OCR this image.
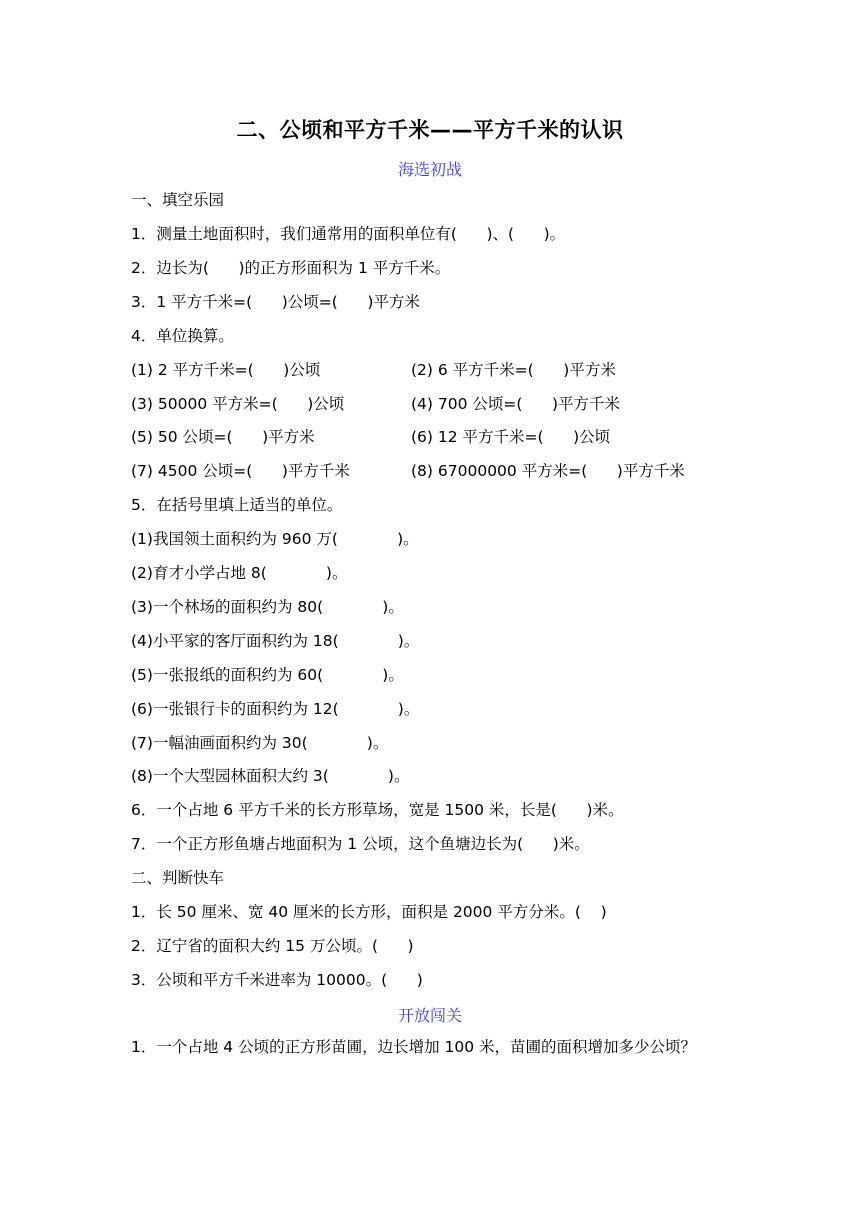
二、公顷和平方千米——平方千米的认识
海选初战
一、填空乐园
1．测量土地面积时，我们通常用的面积单位有(      )、(      )。
2．边长为(      )的正方形面积为 1 平方千米。
3．1 平方千米=(      )公顷=(      )平方米
4．单位换算。
(1) 2 平方千米=(      )公顷	(2) 6 平方千米=(      )平方米
(3) 50000 平方米=(      )公顷	(4) 700 公顷=(      )平方千米
(5) 50 公顷=(      )平方米	(6) 12 平方千米=(      )公顷
(7) 4500 公顷=(      )平方千米	(8) 67000000 平方米=(      )平方千米
5．在括号里填上适当的单位。
(1)我国领土面积约为 960 万(            )。
(2)育才小学占地 8(            )。
(3)一个林场的面积约为 80(            )。
(4)小平家的客厅面积约为 18(            )。
(5)一张报纸的面积约为 60(            )。
(6)一张银行卡的面积约为 12(            )。
(7)一幅油画面积约为 30(            )。
(8)一个大型园林面积大约 3(            )。
6．一个占地 6 平方千米的长方形草场，宽是 1500 米，长是(      )米。
7．一个正方形鱼塘占地面积为 1 公顷，这个鱼塘边长为(      )米。
二、判断快车
1．长 50 厘米、宽 40 厘米的长方形，面积是 2000 平方分米。(    )
2．辽宁省的面积大约 15 万公顷。(      )
3．公顷和平方千米进率为 10000。(      )
开放闯关
1．一个占地 4 公顷的正方形苗圃，边长增加 100 米，苗圃的面积增加多少公顷？
